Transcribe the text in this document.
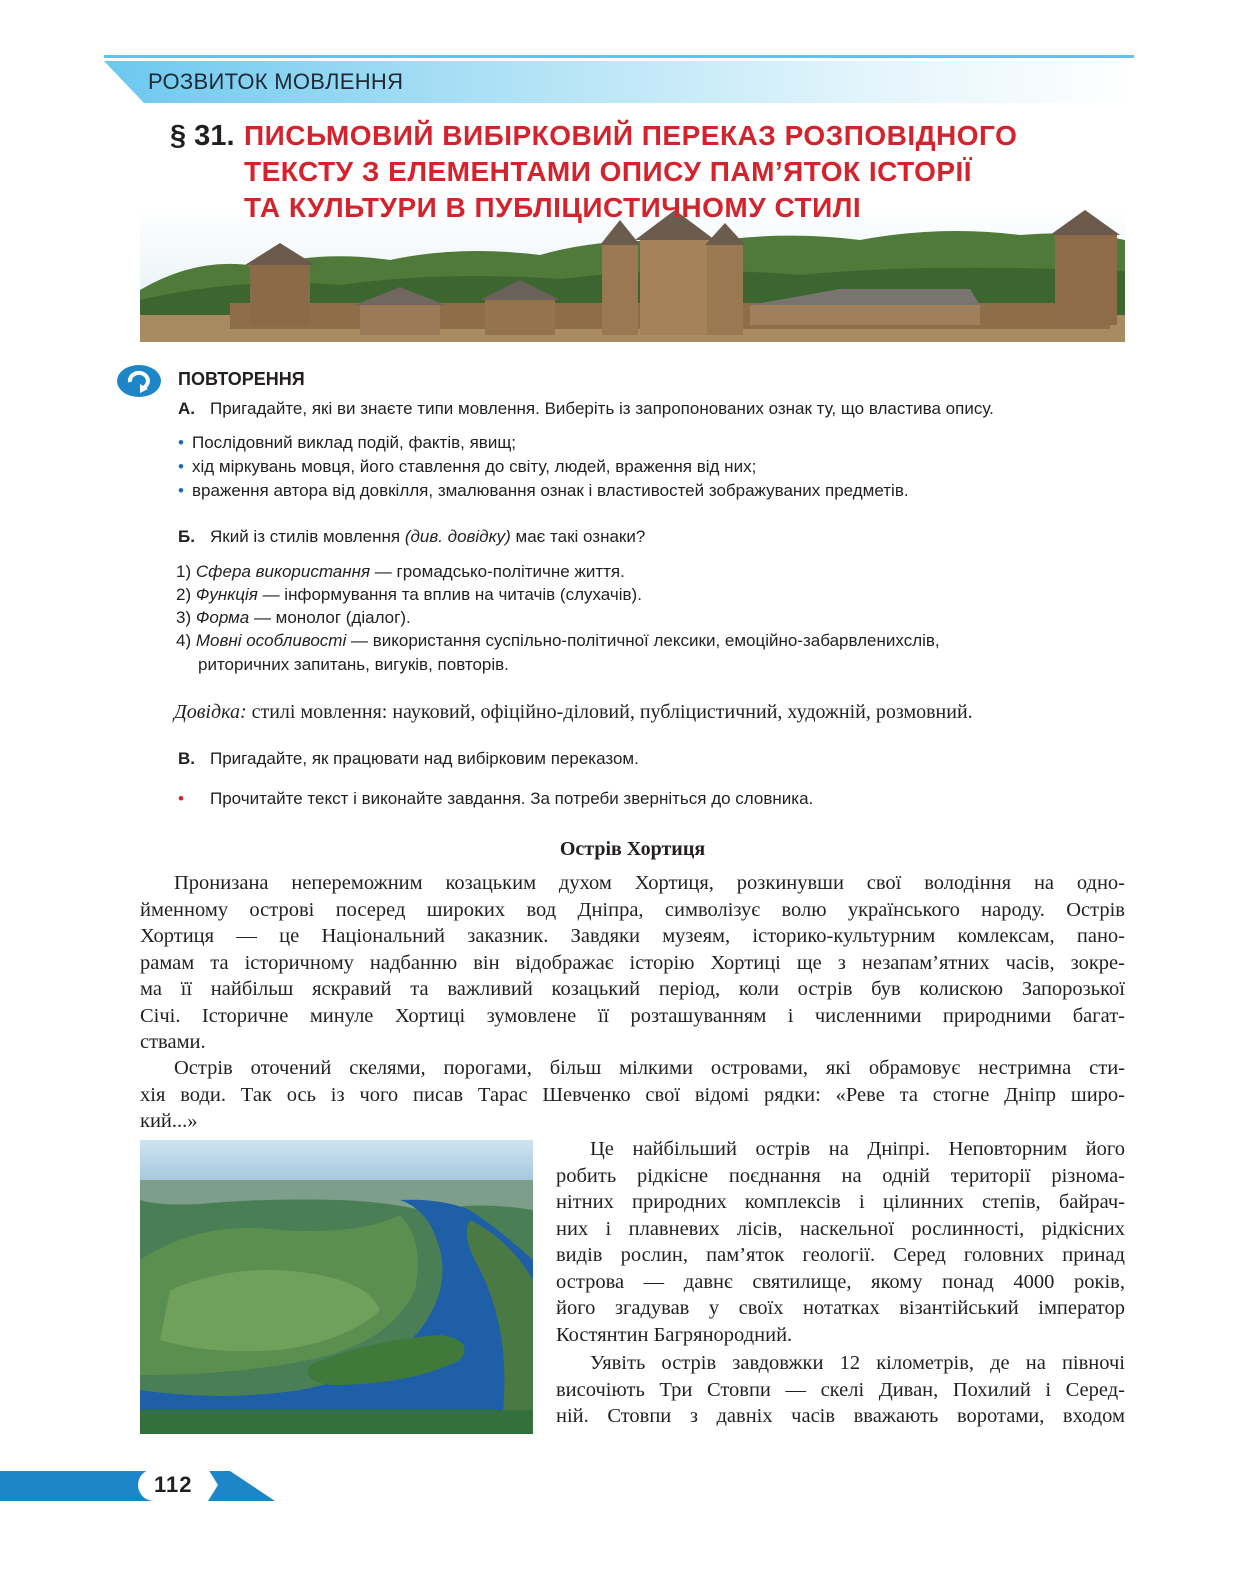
РОЗВИТОК МОВЛЕННЯ
§ 31. ПИСЬМОВИЙ ВИБІРКОВИЙ ПЕРЕКАЗ РОЗПОВІДНОГО
ТЕКСТУ З ЕЛЕМЕНТАМИ ОПИСУ ПАМ’ЯТОК ІСТОРІЇ
ТА КУЛЬТУРИ В ПУБЛІЦИСТИЧНОМУ СТИЛІ
ПОВТОРЕННЯ
А. Пригадайте, які ви знаєте типи мовлення. Виберіть із запропонованих ознак ту, що властива опису.
• Послідовний виклад подій, фактів, явищ;
• хід міркувань мовця, його ставлення до світу, людей, враження від них;
• враження автора від довкілля, змалювання ознак і властивостей зображуваних предметів.
Б. Який із стилів мовлення (див. довідку) має такі ознаки?
1) Сфера використання — громадсько-політичне життя.
2) Функція — інформування та вплив на читачів (слухачів).
3) Форма — монолог (діалог).
4) Мовні особливості — використання суспільно-політичної лексики, емоційно-забарвленихслів,
риторичних запитань, вигуків, повторів.
Довідка: стилі мовлення: науковий, офіційно-діловий, публіцистичний, художній, розмовний.
В. Пригадайте, як працювати над вибірковим переказом.
• Прочитайте текст і виконайте завдання. За потреби зверніться до словника.
Острів Хортиця
Пронизана непереможним козацьким духом Хортиця, розкинувши свої володіння на одно-
йменному острові посеред широких вод Дніпра, символізує волю українського народу. Острів
Хортиця — це Національний заказник. Завдяки музеям, історико-культурним комлексам, пано-
рамам та історичному надбанню він відображає історію Хортиці ще з незапам’ятних часів, зокре-
ма її найбільш яскравий та важливий козацький період, коли острів був колискою Запорозької
Січі. Історичне минуле Хортиці зумовлене її розташуванням і численними природними багат-
ствами.
Острів оточений скелями, порогами, більш мілкими островами, які обрамовує нестримна сти-
хія води. Так ось із чого писав Тарас Шевченко свої відомі рядки: «Реве та стогне Дніпр широ-
кий...»
Це найбільший острів на Дніпрі. Неповторним його
робить рідкісне поєднання на одній території різнома-
нітних природних комплексів і цілинних степів, байрач-
них і плавневих лісів, наскельної рослинності, рідкісних
видів рослин, пам’яток геології. Серед головних принад
острова — давнє святилище, якому понад 4000 років,
його згадував у своїх нотатках візантійський імператор
Костянтин Багрянородний.
Уявіть острів завдовжки 12 кілометрів, де на півночі
височіють Три Стовпи — скелі Диван, Похилий і Серед-
ній. Стовпи з давніх часів вважають воротами, входом
112
